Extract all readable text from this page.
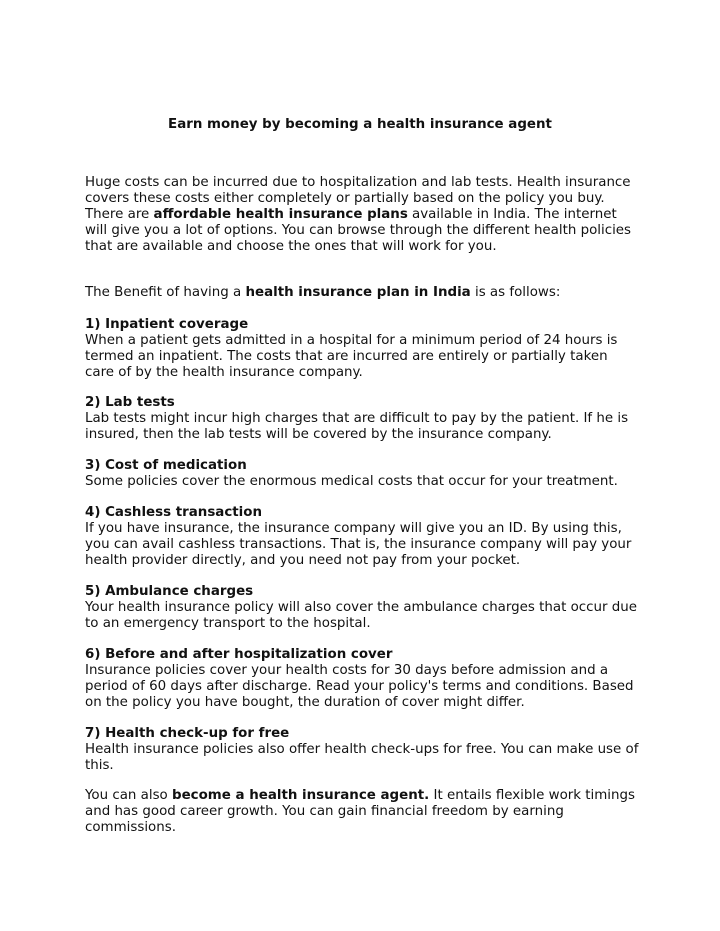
Earn money by becoming a health insurance agent

Huge costs can be incurred due to hospitalization and lab tests. Health insurance covers these costs either completely or partially based on the policy you buy. There are affordable health insurance plans available in India. The internet will give you a lot of options. You can browse through the different health policies that are available and choose the ones that will work for you.

The Benefit of having a health insurance plan in India is as follows:

1) Inpatient coverage

When a patient gets admitted in a hospital for a minimum period of 24 hours is termed an inpatient. The costs that are incurred are entirely or partially taken care of by the health insurance company.

2) Lab tests

Lab tests might incur high charges that are difficult to pay by the patient. If he is insured, then the lab tests will be covered by the insurance company.

3) Cost of medication

Some policies cover the enormous medical costs that occur for your treatment.

4) Cashless transaction

If you have insurance, the insurance company will give you an ID. By using this, you can avail cashless transactions. That is, the insurance company will pay your health provider directly, and you need not pay from your pocket.

5) Ambulance charges

Your health insurance policy will also cover the ambulance charges that occur due to an emergency transport to the hospital.

6) Before and after hospitalization cover

Insurance policies cover your health costs for 30 days before admission and a period of 60 days after discharge. Read your policy's terms and conditions. Based on the policy you have bought, the duration of cover might differ.

7) Health check-up for free

Health insurance policies also offer health check-ups for free. You can make use of this.

You can also become a health insurance agent. It entails flexible work timings and has good career growth. You can gain financial freedom by earning commissions.
